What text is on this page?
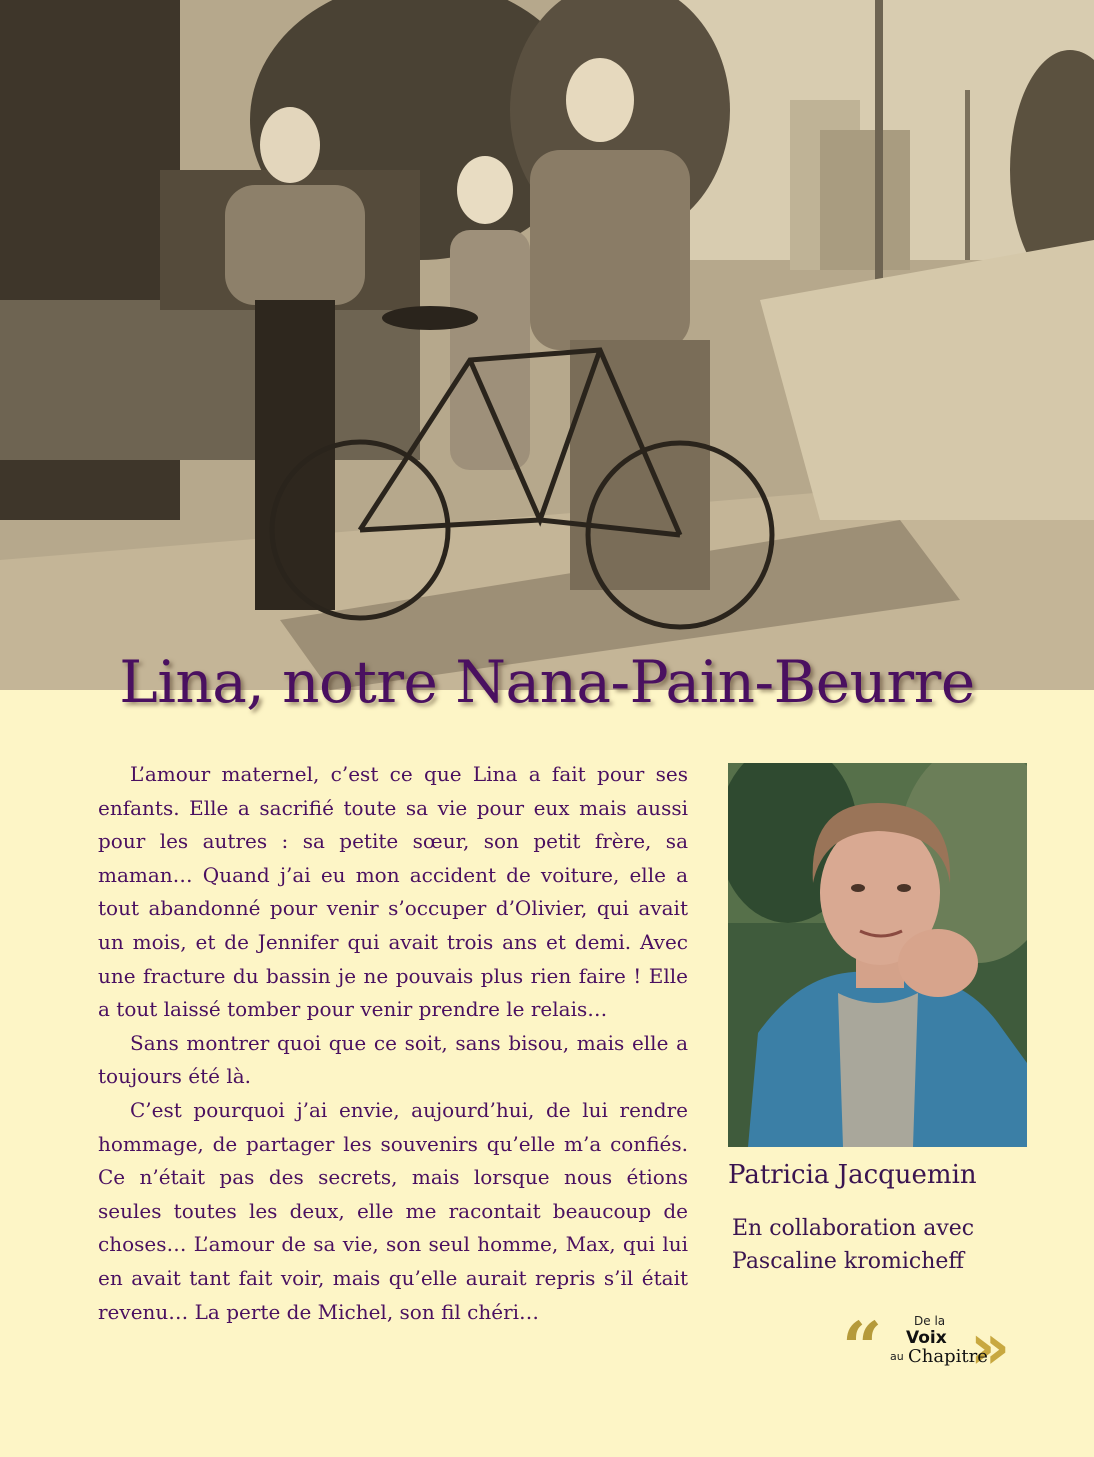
Lina, notre Nana-Pain-Beurre

L’amour maternel, c’est ce que Lina a fait pour ses enfants. Elle a sacrifié toute sa vie pour eux mais aussi pour les autres : sa petite sœur, son petit frère, sa maman… Quand j’ai eu mon accident de voiture, elle a tout abandonné pour venir s’occuper d’Olivier, qui avait un mois, et de Jennifer qui avait trois ans et demi. Avec une fracture du bassin je ne pouvais plus rien faire ! Elle a tout laissé tomber pour venir prendre le relais…

Sans montrer quoi que ce soit, sans bisou, mais elle a toujours été là.

C’est pourquoi j’ai envie, aujourd’hui, de lui rendre hommage, de partager les souvenirs qu’elle m’a confiés. Ce n’était pas des secrets, mais lorsque nous étions seules toutes les deux, elle me racontait beaucoup de choses… L’amour de sa vie, son seul homme, Max, qui lui en avait tant fait voir, mais qu’elle aurait repris s’il était revenu… La perte de Michel, son fil chéri…

Patricia Jacquemin
En collaboration avec
Pascaline kromicheff
“ »
De la
Voix
au Chapitre
